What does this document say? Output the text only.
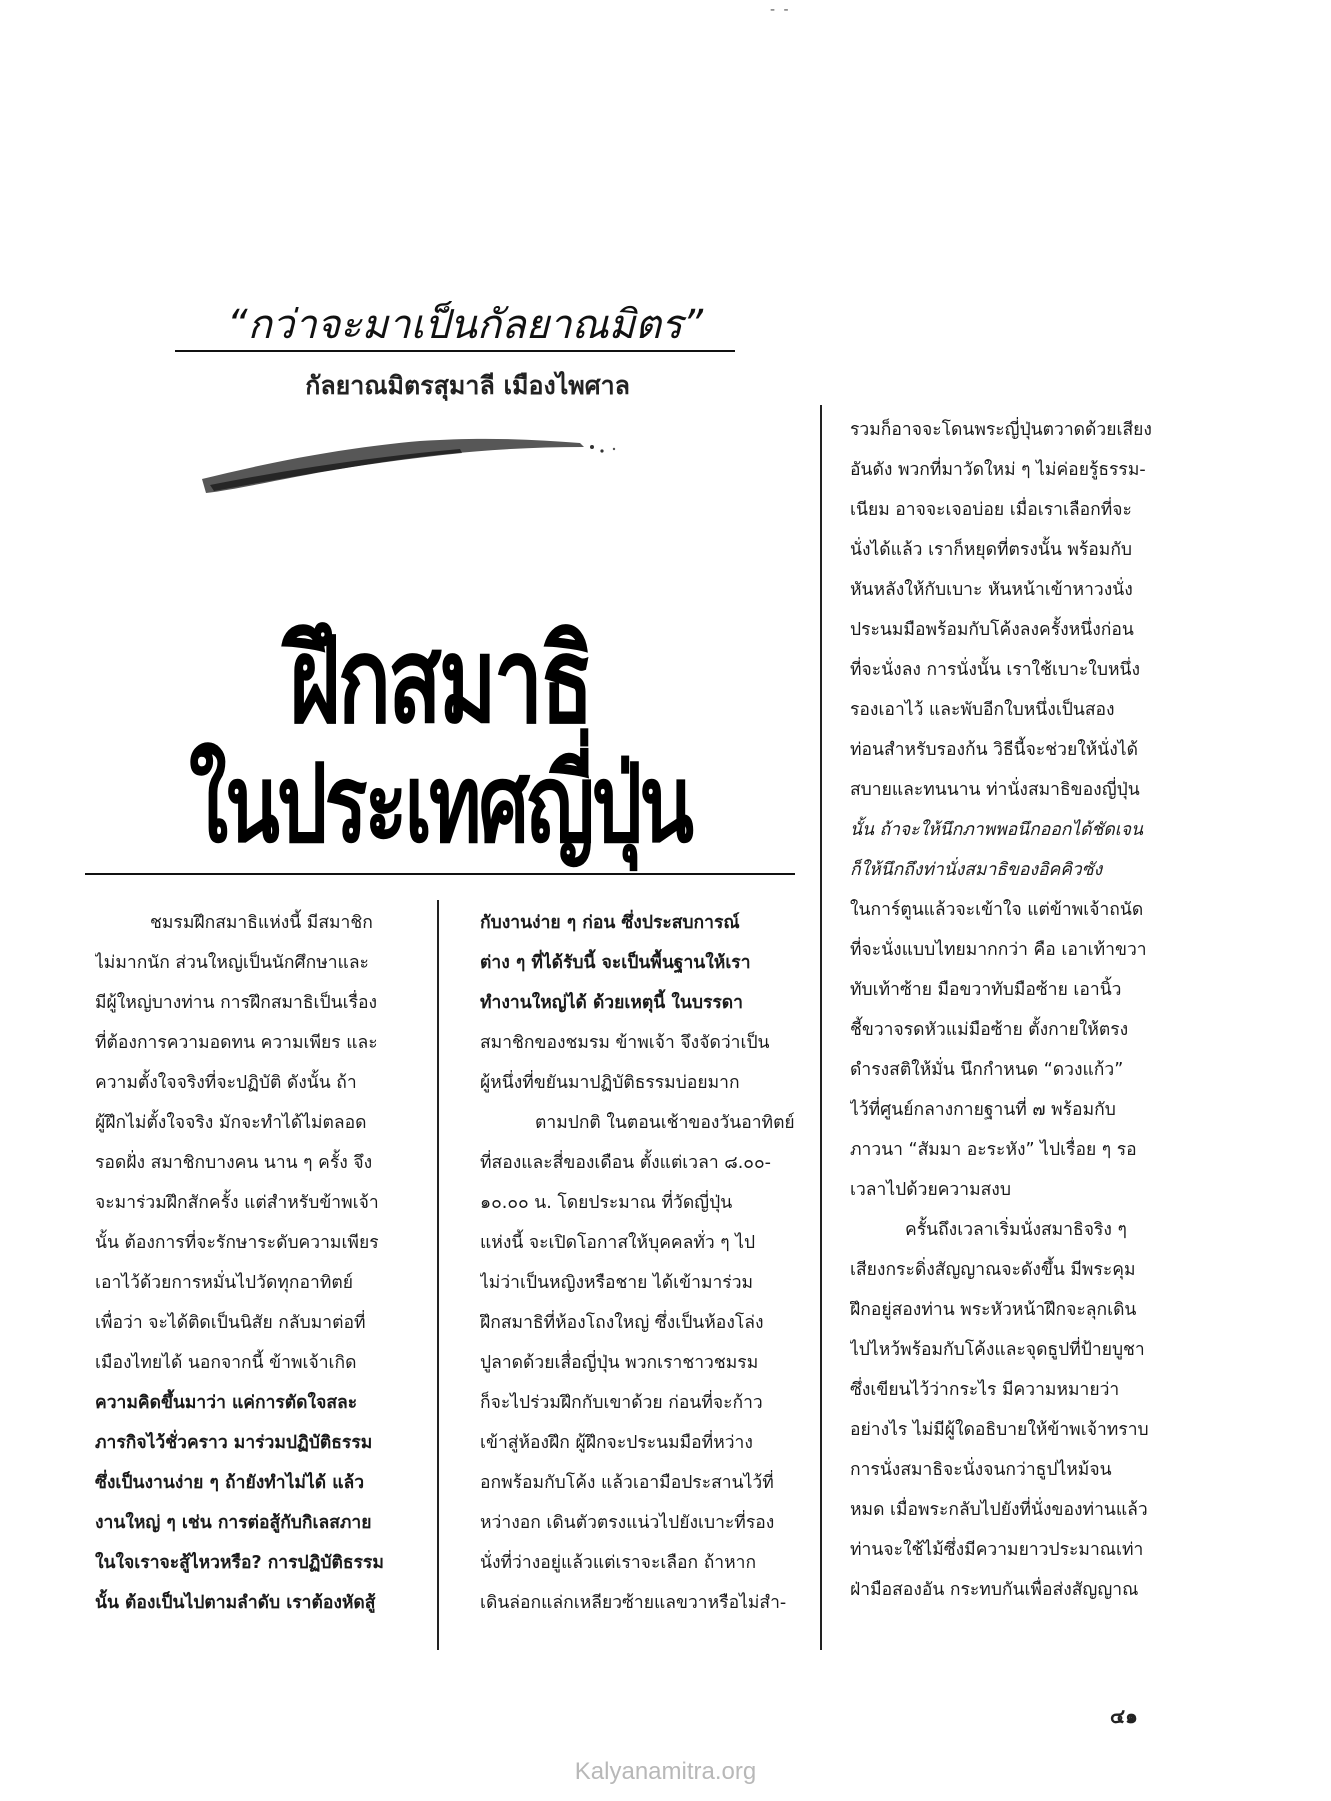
‐ ‐
“กว่าจะมาเป็นกัลยาณมิตร”
กัลยาณมิตรสุมาลี เมืองไพศาล
ฝึกสมาธิ
ในประเทศญี่ปุ่น
ชมรมฝึกสมาธิแห่งนี้ มีสมาชิก
ไม่มากนัก ส่วนใหญ่เป็นนักศึกษาและ
มีผู้ใหญ่บางท่าน การฝึกสมาธิเป็นเรื่อง
ที่ต้องการความอดทน ความเพียร และ
ความตั้งใจจริงที่จะปฏิบัติ ดังนั้น ถ้า
ผู้ฝึกไม่ตั้งใจจริง มักจะทำได้ไม่ตลอด
รอดฝั่ง สมาชิกบางคน นาน ๆ ครั้ง จึง
จะมาร่วมฝึกสักครั้ง แต่สำหรับข้าพเจ้า
นั้น ต้องการที่จะรักษาระดับความเพียร
เอาไว้ด้วยการหมั่นไปวัดทุกอาทิตย์
เพื่อว่า จะได้ติดเป็นนิสัย กลับมาต่อที่
เมืองไทยได้ นอกจากนี้ ข้าพเจ้าเกิด
ความคิดขึ้นมาว่า แค่การตัดใจสละ
ภารกิจไว้ชั่วคราว มาร่วมปฏิบัติธรรม
ซึ่งเป็นงานง่าย ๆ ถ้ายังทำไม่ได้ แล้ว
งานใหญ่ ๆ เช่น การต่อสู้กับกิเลสภาย
ในใจเราจะสู้ไหวหรือ? การปฏิบัติธรรม
นั้น ต้องเป็นไปตามลำดับ เราต้องหัดสู้
กับงานง่าย ๆ ก่อน ซึ่งประสบการณ์
ต่าง ๆ ที่ได้รับนี้ จะเป็นพื้นฐานให้เรา
ทำงานใหญ่ได้ ด้วยเหตุนี้ ในบรรดา
สมาชิกของชมรม ข้าพเจ้า จึงจัดว่าเป็น
ผู้หนึ่งที่ขยันมาปฏิบัติธรรมบ่อยมาก
ตามปกติ ในตอนเช้าของวันอาทิตย์
ที่สองและสี่ของเดือน ตั้งแต่เวลา ๘.๐๐-
๑๐.๐๐ น. โดยประมาณ ที่วัดญี่ปุ่น
แห่งนี้ จะเปิดโอกาสให้บุคคลทั่ว ๆ ไป
ไม่ว่าเป็นหญิงหรือชาย ได้เข้ามาร่วม
ฝึกสมาธิที่ห้องโถงใหญ่ ซึ่งเป็นห้องโล่ง
ปูลาดด้วยเสื่อญี่ปุ่น พวกเราชาวชมรม
ก็จะไปร่วมฝึกกับเขาด้วย ก่อนที่จะก้าว
เข้าสู่ห้องฝึก ผู้ฝึกจะประนมมือที่หว่าง
อกพร้อมกับโค้ง แล้วเอามือประสานไว้ที่
หว่างอก เดินตัวตรงแน่วไปยังเบาะที่รอง
นั่งที่ว่างอยู่แล้วแต่เราจะเลือก ถ้าหาก
เดินล่อกแล่กเหลียวซ้ายแลขวาหรือไม่สำ-
รวมก็อาจจะโดนพระญี่ปุ่นตวาดด้วยเสียง
อันดัง พวกที่มาวัดใหม่ ๆ ไม่ค่อยรู้ธรรม-
เนียม อาจจะเจอบ่อย เมื่อเราเลือกที่จะ
นั่งได้แล้ว เราก็หยุดที่ตรงนั้น พร้อมกับ
หันหลังให้กับเบาะ หันหน้าเข้าหาวงนั่ง
ประนมมือพร้อมกับโค้งลงครั้งหนึ่งก่อน
ที่จะนั่งลง การนั่งนั้น เราใช้เบาะใบหนึ่ง
รองเอาไว้ และพับอีกใบหนึ่งเป็นสอง
ท่อนสำหรับรองก้น วิธีนี้จะช่วยให้นั่งได้
สบายและทนนาน ท่านั่งสมาธิของญี่ปุ่น
นั้น ถ้าจะให้นึกภาพพอนึกออกได้ชัดเจน
ก็ให้นึกถึงท่านั่งสมาธิของอิคคิวซัง
ในการ์ตูนแล้วจะเข้าใจ แต่ข้าพเจ้าถนัด
ที่จะนั่งแบบไทยมากกว่า คือ เอาเท้าขวา
ทับเท้าซ้าย มือขวาทับมือซ้าย เอานิ้ว
ชี้ขวาจรดหัวแม่มือซ้าย ตั้งกายให้ตรง
ดำรงสติให้มั่น นึกกำหนด “ดวงแก้ว”
ไว้ที่ศูนย์กลางกายฐานที่ ๗ พร้อมกับ
ภาวนา “สัมมา อะระหัง” ไปเรื่อย ๆ รอ
เวลาไปด้วยความสงบ
ครั้นถึงเวลาเริ่มนั่งสมาธิจริง ๆ
เสียงกระดิ่งสัญญาณจะดังขึ้น มีพระคุม
ฝึกอยู่สองท่าน พระหัวหน้าฝึกจะลุกเดิน
ไปไหว้พร้อมกับโค้งและจุดธูปที่ป้ายบูชา
ซึ่งเขียนไว้ว่ากระไร มีความหมายว่า
อย่างไร ไม่มีผู้ใดอธิบายให้ข้าพเจ้าทราบ
การนั่งสมาธิจะนั่งจนกว่าธูปไหม้จน
หมด เมื่อพระกลับไปยังที่นั่งของท่านแล้ว
ท่านจะใช้ไม้ซึ่งมีความยาวประมาณเท่า
ฝ่ามือสองอัน กระทบกันเพื่อส่งสัญญาณ
๔๑
Kalyanamitra.org
